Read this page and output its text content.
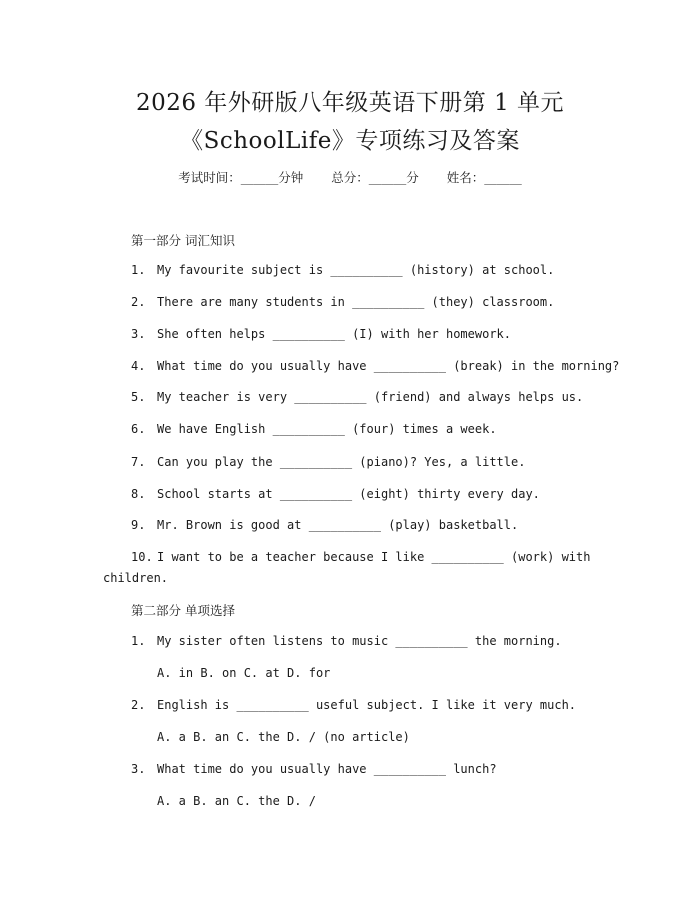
2026 年外研版八年级英语下册第 1 单元
《SchoolLife》专项练习及答案
考试时间：______分钟 总分：______分 姓名：______
第一部分 词汇知识
1. My favourite subject is __________ (history) at school.
2. There are many students in __________ (they) classroom.
3. She often helps __________ (I) with her homework.
4. What time do you usually have __________ (break) in the morning?
5. My teacher is very __________ (friend) and always helps us.
6. We have English __________ (four) times a week.
7. Can you play the __________ (piano)? Yes, a little.
8. School starts at __________ (eight) thirty every day.
9. Mr. Brown is good at __________ (play) basketball.
10. I want to be a teacher because I like __________ (work) with
children.
第二部分 单项选择
1. My sister often listens to music __________ the morning.
A. in B. on C. at D. for
2. English is __________ useful subject. I like it very much.
A. a B. an C. the D. / (no article)
3. What time do you usually have __________ lunch?
A. a B. an C. the D. /
